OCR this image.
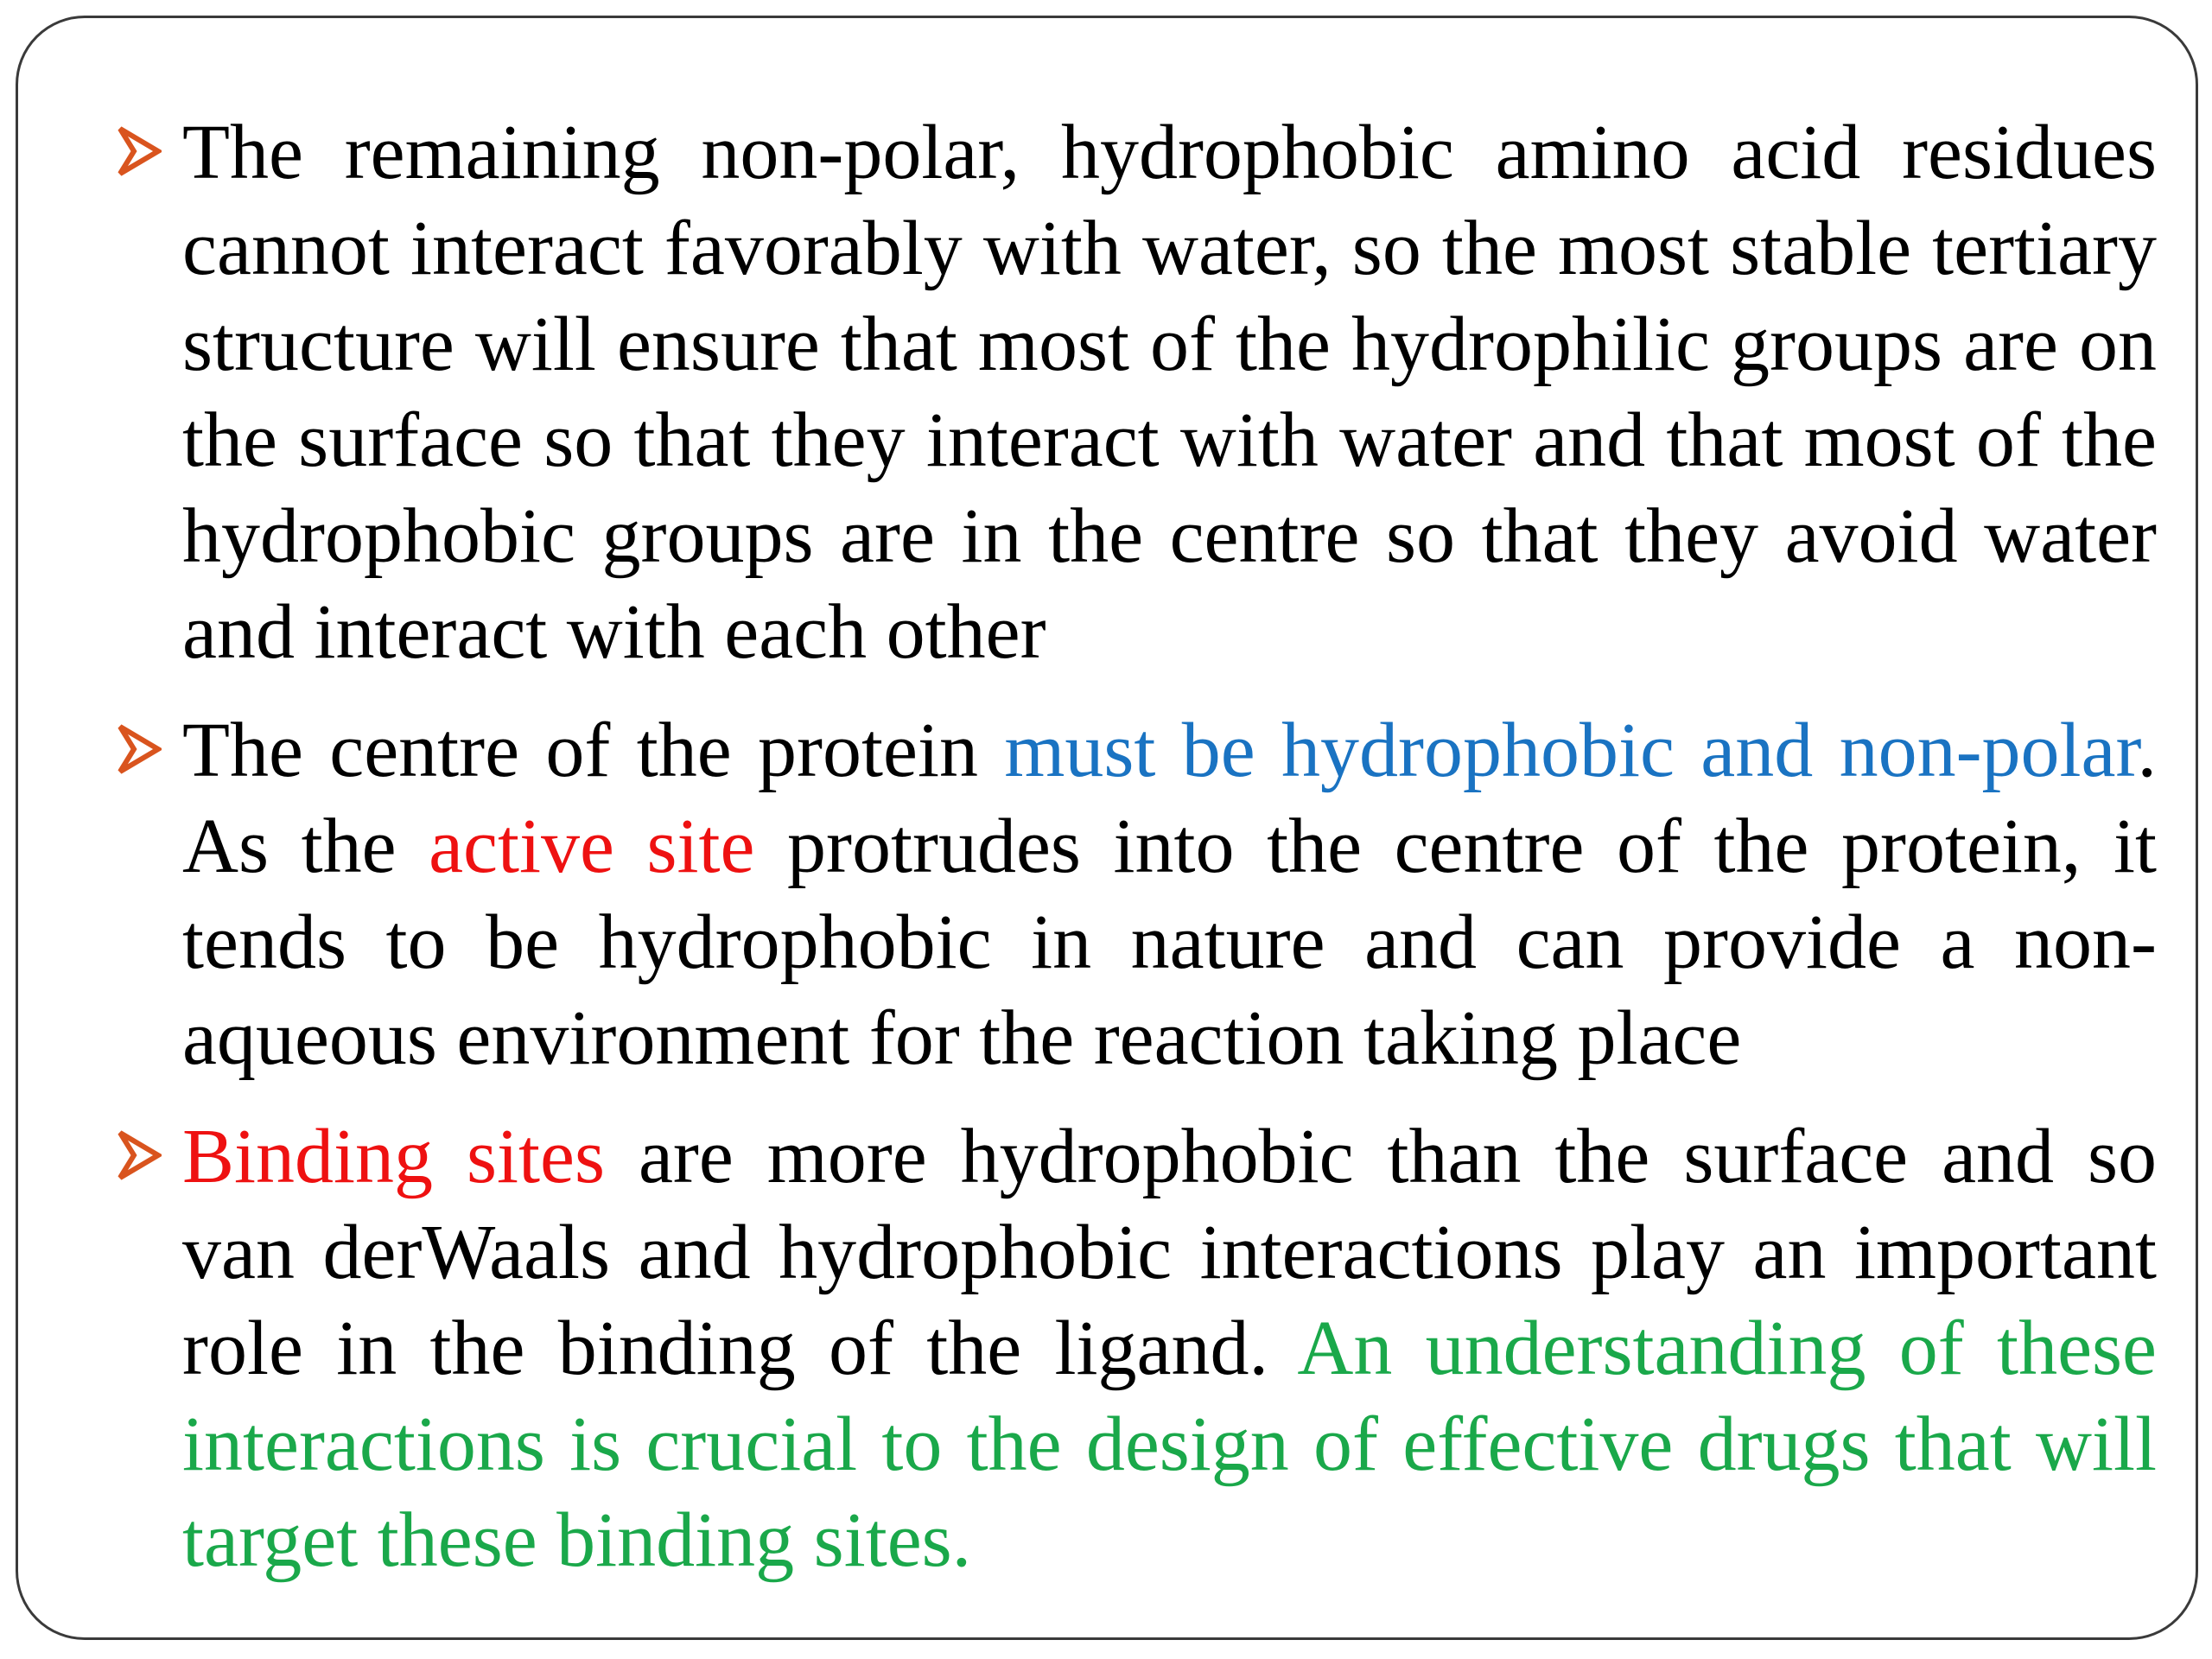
The remaining non-polar, hydrophobic amino acid residues cannot interact favorably with water, so the most stable tertiary structure will ensure that most of the hydrophilic groups are on the surface so that they interact with water and that most of the hydrophobic groups are in the centre so that they avoid water and interact with each other
The centre of the protein must be hydrophobic and non-polar. As the active site protrudes into the centre of the protein, it tends to be hydrophobic in nature and can provide a non-aqueous environment for the reaction taking place
Binding sites are more hydrophobic than the surface and so van derWaals and hydrophobic interactions play an important role in the binding of the ligand. An understanding of these interactions is crucial to the design of effective drugs that will target these binding sites.
